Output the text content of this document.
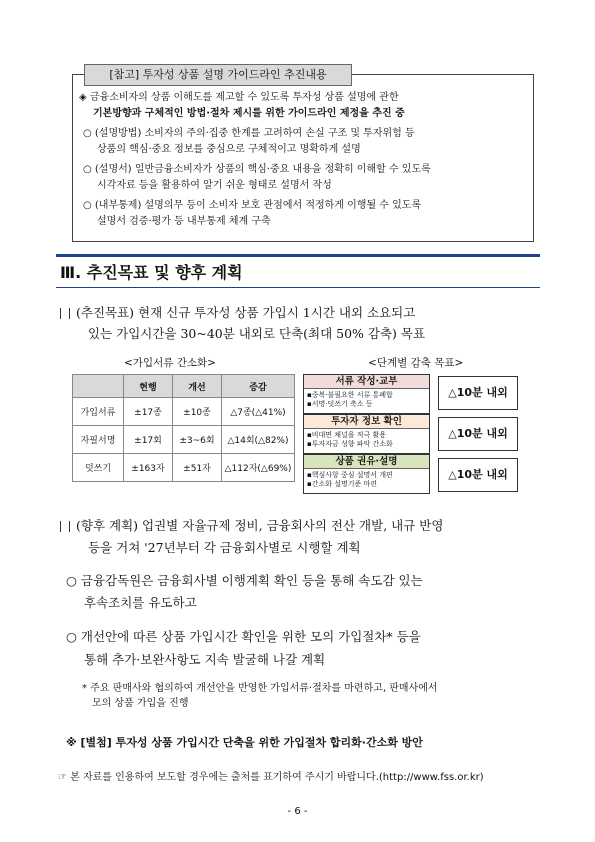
◈ 금융소비자의 상품 이해도를 제고할 수 있도록 투자성 상품 설명에 관한
기본방향과 구체적인 방법·절차 제시를 위한 가이드라인 제정을 추진 중
○ (설명방법) 소비자의 주의·집중 한계를 고려하여 손실 구조 및 투자위험 등
상품의 핵심·중요 정보를 중심으로 구체적이고 명확하게 설명
○ (설명서) 일반금융소비자가 상품의 핵심·중요 내용을 정확히 이해할 수 있도록
시각자료 등을 활용하여 알기 쉬운 형태로 설명서 작성
○ (내부통제) 설명의무 등이 소비자 보호 관점에서 적정하게 이행될 수 있도록
설명서 검증·평가 등 내부통제 체계 구축
[참고] 투자성 상품 설명 가이드라인 추진내용
Ⅲ. 추진목표 및 향후 계획
(추진목표) 현재 신규 투자성 상품 가입시 1시간 내외 소요되고
있는 가입시간을 30~40분 내외로 단축(최대 50% 감축) 목표
<가입서류 간소화>	<단계별 감축 목표>
	현행	개선	증감
가입서류	±17종	±10종	△7종(△41%)
자필서명	±17회	±3~6회	△14회(△82%)
덧쓰기	±163자	±51자	△112자(△69%)
서류 작성·교부
▪중복·불필요한 서류 통폐합
▪서명·덧쓰기 축소 등
△10분 내외
투자자 정보 확인
▪비대면 채널을 적극 활용
▪투자자금 성향 파악 간소화
△10분 내외
상품 권유·설명
▪핵심사항 중심 설명서 개편
▪간소화 설명기준 마련
△10분 내외
(향후 계획) 업권별 자율규제 정비, 금융회사의 전산 개발, 내규 반영
등을 거쳐 '27년부터 각 금융회사별로 시행할 계획
○ 금융감독원은 금융회사별 이행계획 확인 등을 통해 속도감 있는
후속조치를 유도하고
○ 개선안에 따른 상품 가입시간 확인을 위한 모의 가입절차* 등을
통해 추가·보완사항도 지속 발굴해 나갈 계획
* 주요 판매사와 협의하여 개선안을 반영한 가입서류·절차를 마련하고, 판매사에서
모의 상품 가입을 진행
※ [별첨] 투자성 상품 가입시간 단축을 위한 가입절차 합리화·간소화 방안
☞ 본 자료를 인용하여 보도할 경우에는 출처를 표기하여 주시기 바랍니다.(http://www.fss.or.kr)
- 6 -
